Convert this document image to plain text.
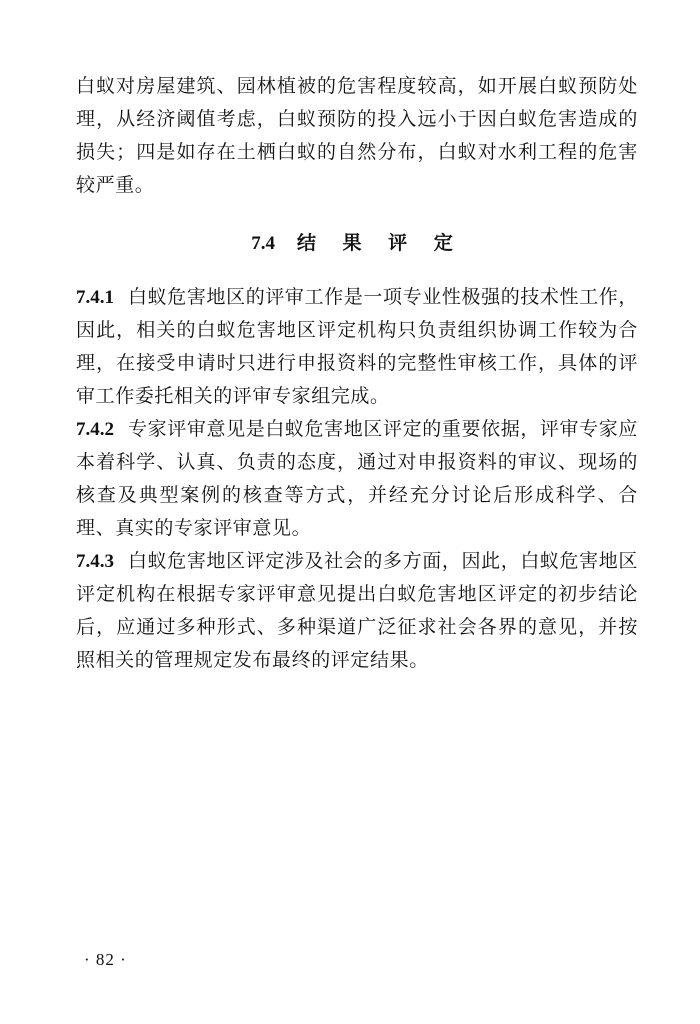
白蚁对房屋建筑、园林植被的危害程度较高，如开展白蚁预防处理，从经济阈值考虑，白蚁预防的投入远小于因白蚁危害造成的损失；四是如存在土栖白蚁的自然分布，白蚁对水利工程的危害较严重。

7.4 结 果 评 定

7.4.1 白蚁危害地区的评审工作是一项专业性极强的技术性工作，因此，相关的白蚁危害地区评定机构只负责组织协调工作较为合理，在接受申请时只进行申报资料的完整性审核工作，具体的评审工作委托相关的评审专家组完成。

7.4.2 专家评审意见是白蚁危害地区评定的重要依据，评审专家应本着科学、认真、负责的态度，通过对申报资料的审议、现场的核查及典型案例的核查等方式，并经充分讨论后形成科学、合理、真实的专家评审意见。

7.4.3 白蚁危害地区评定涉及社会的多方面，因此，白蚁危害地区评定机构在根据专家评审意见提出白蚁危害地区评定的初步结论后，应通过多种形式、多种渠道广泛征求社会各界的意见，并按照相关的管理规定发布最终的评定结果。

· 82 ·
